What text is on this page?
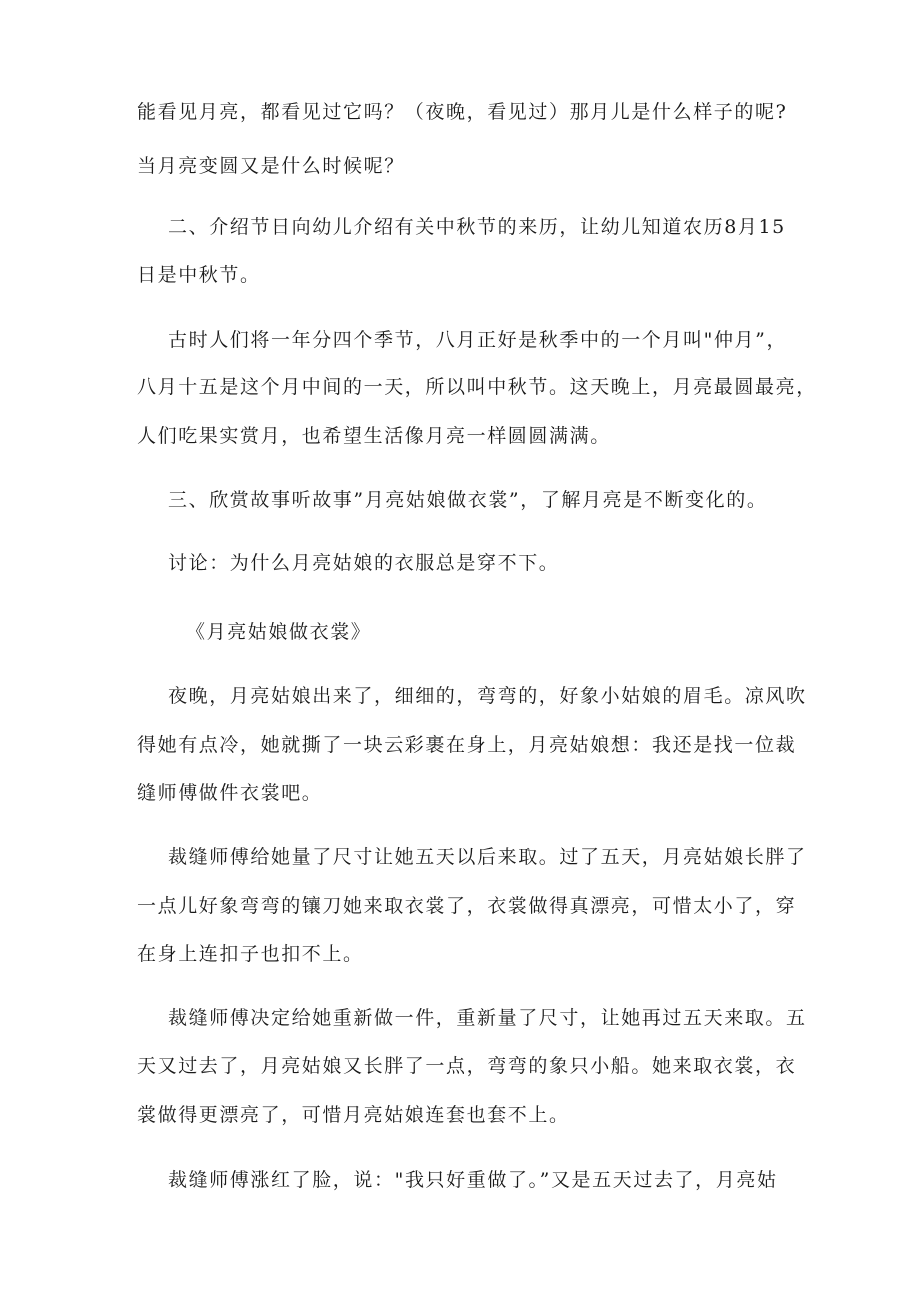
能看见月亮，都看见过它吗？（夜晚，看见过）那月儿是什么样子的呢?
当月亮变圆又是什么时候呢？
二、介绍节日向幼儿介绍有关中秋节的来历，让幼儿知道农历8月15
日是中秋节。
古时人们将一年分四个季节，八月正好是秋季中的一个月叫"仲月”，
八月十五是这个月中间的一天，所以叫中秋节。这天晚上，月亮最圆最亮，
人们吃果实赏月，也希望生活像月亮一样圆圆满满。
三、欣赏故事听故事”月亮姑娘做衣裳”，了解月亮是不断变化的。
讨论：为什么月亮姑娘的衣服总是穿不下。
《月亮姑娘做衣裳》
夜晚，月亮姑娘出来了，细细的，弯弯的，好象小姑娘的眉毛。凉风吹
得她有点冷，她就撕了一块云彩裹在身上，月亮姑娘想：我还是找一位裁
缝师傅做件衣裳吧。
裁缝师傅给她量了尺寸让她五天以后来取。过了五天，月亮姑娘长胖了
一点儿好象弯弯的镶刀她来取衣裳了，衣裳做得真漂亮，可惜太小了，穿
在身上连扣子也扣不上。
裁缝师傅决定给她重新做一件，重新量了尺寸，让她再过五天来取。五
天又过去了，月亮姑娘又长胖了一点，弯弯的象只小船。她来取衣裳，衣
裳做得更漂亮了，可惜月亮姑娘连套也套不上。
裁缝师傅涨红了脸，说："我只好重做了。”又是五天过去了，月亮姑
